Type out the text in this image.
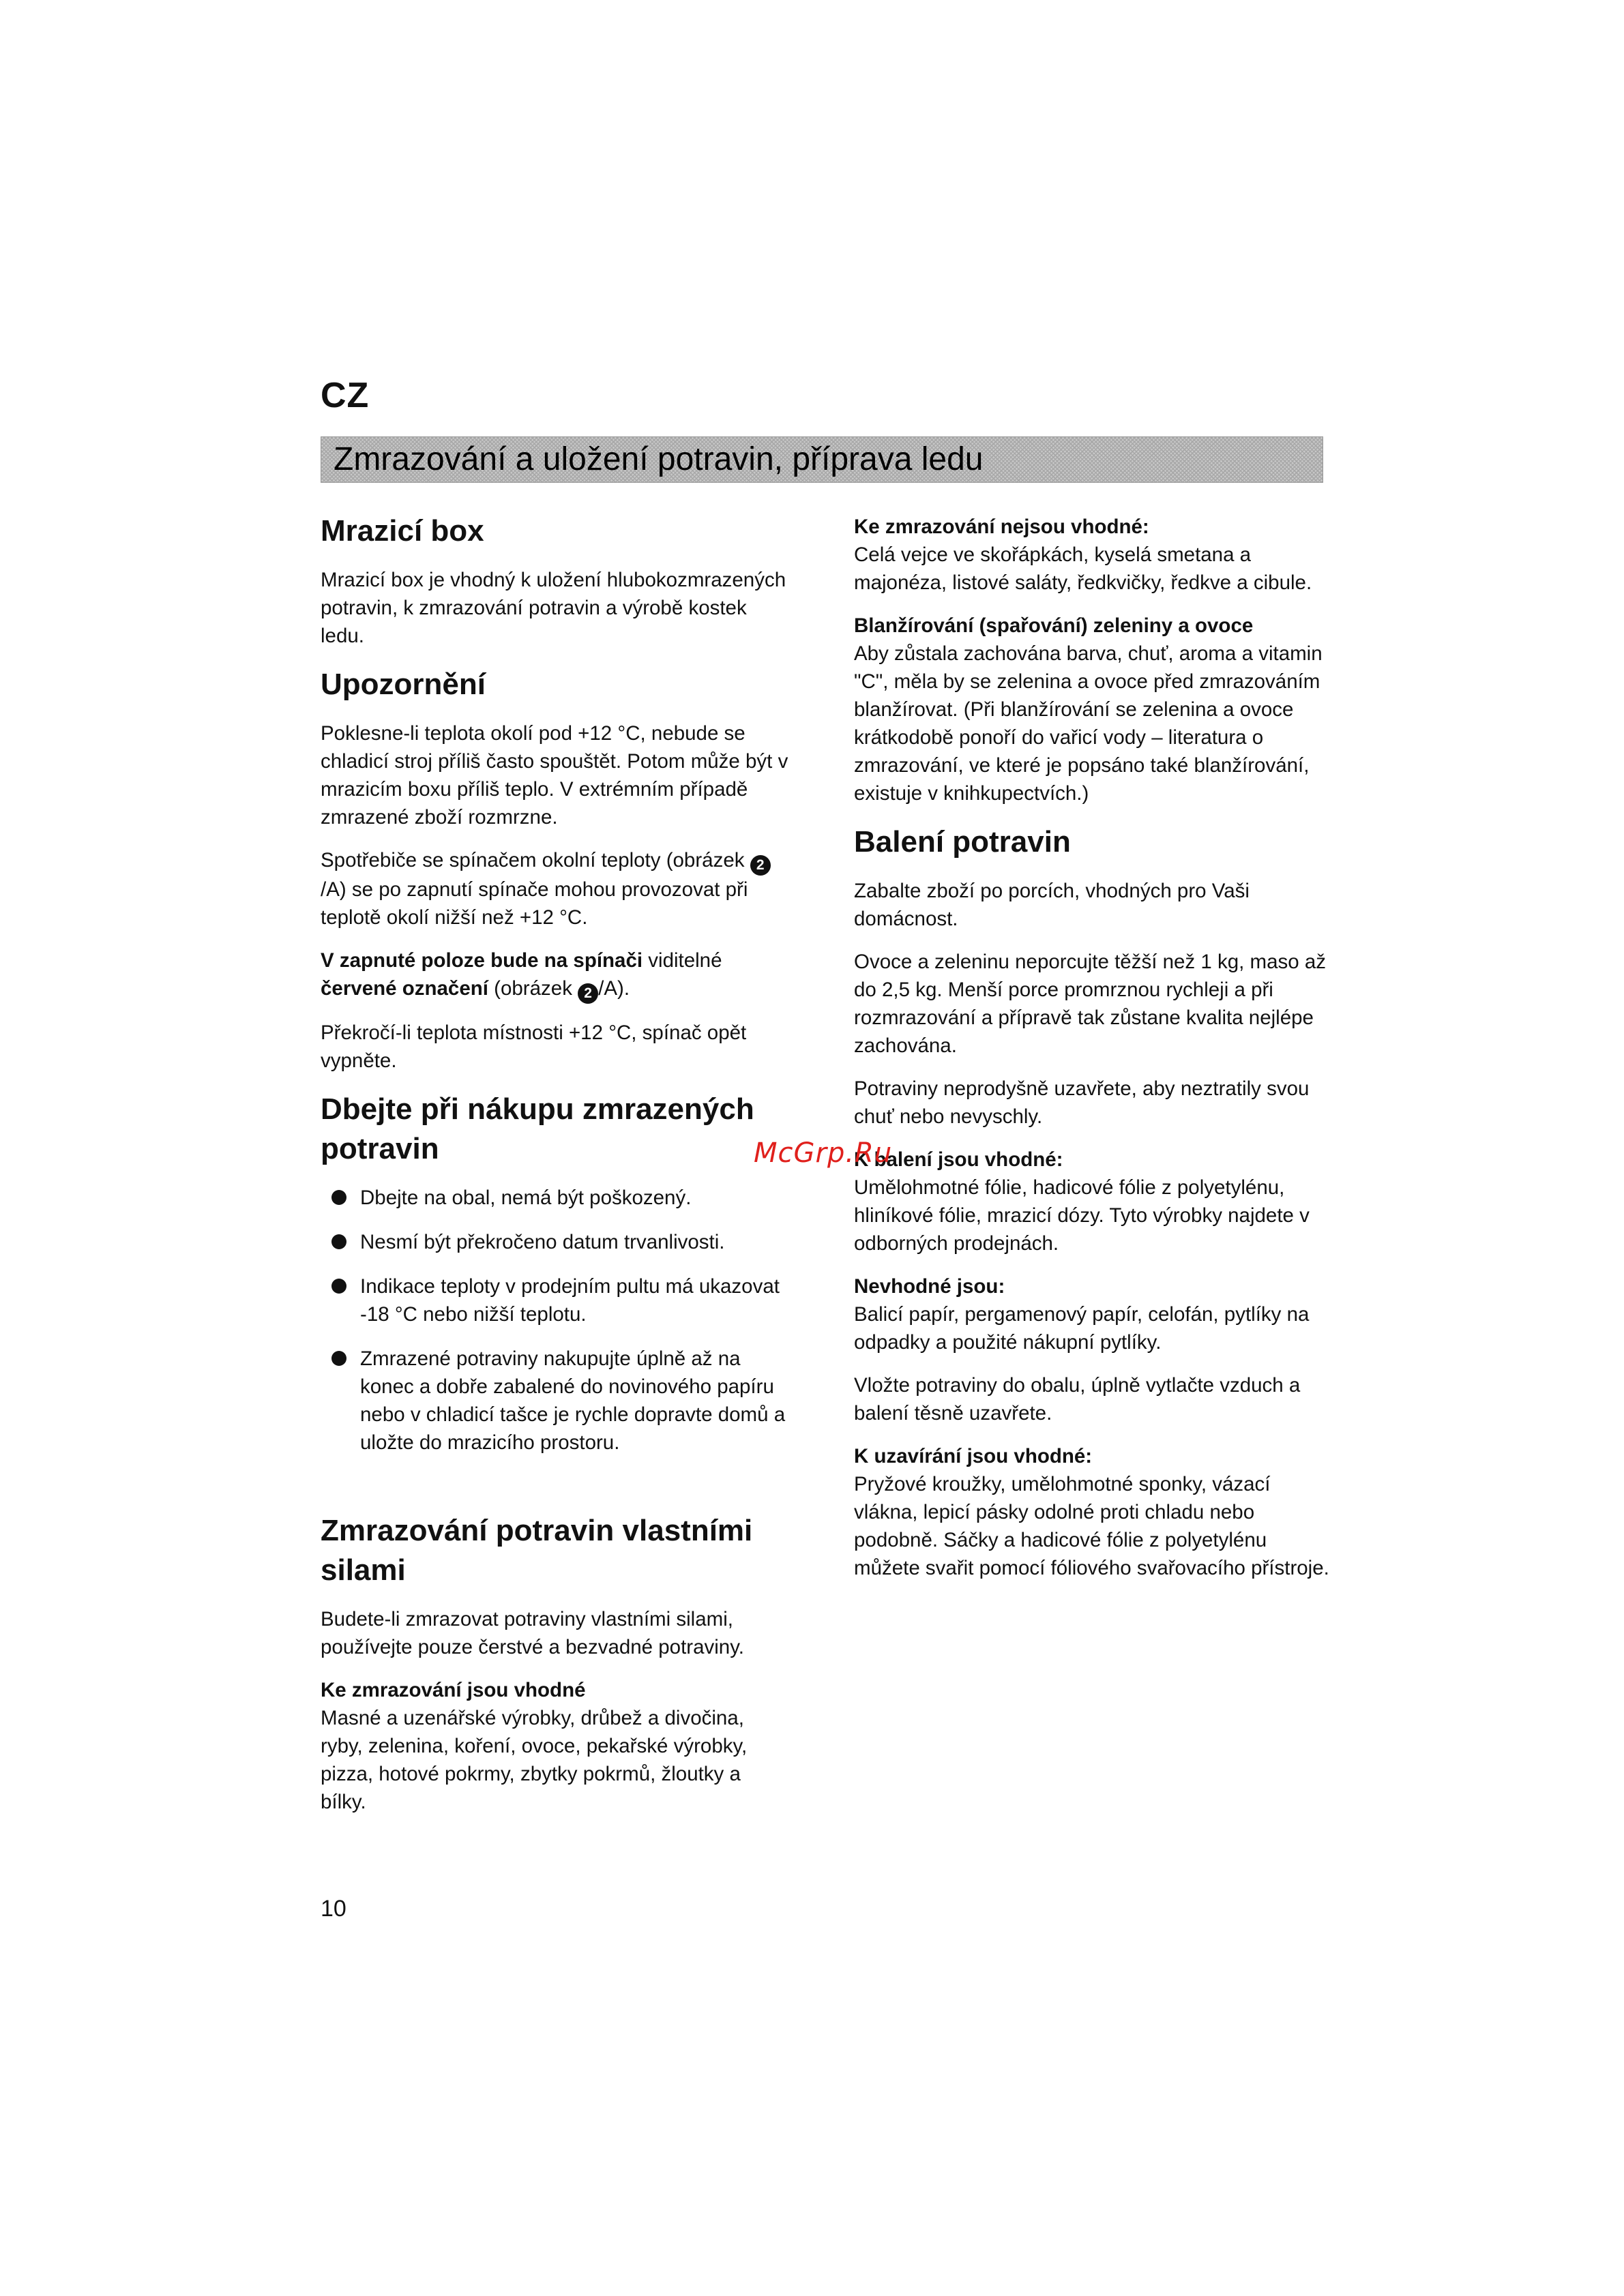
CZ
Zmrazování a uložení potravin, příprava ledu
Mrazicí box

Mrazicí box je vhodný k uložení hlubokozmrazených potravin, k zmrazování potravin a výrobě kostek ledu.

Upozornění

Poklesne-li teplota okolí pod +12 °C, nebude se chladicí stroj příliš často spouštět. Potom může být v mrazicím boxu příliš teplo. V extrémním případě zmrazené zboží rozmrzne.

Spotřebiče se spínačem okolní teploty (obrázek 2/A) se po zapnutí spínače mohou provozovat při teplotě okolí nižší než +12 °C.

V zapnuté poloze bude na spínači viditelné červené označení (obrázek 2 /A).

Překročí-li teplota místnosti +12 °C, spínač opět vypněte.

Dbejte při nákupu zmrazených potravin
Dbejte na obal, nemá být poškozený.
Nesmí být překročeno datum trvanlivosti.
Indikace teploty v prodejním pultu má ukazovat -18 °C nebo nižší teplotu.
Zmrazené potraviny nakupujte úplně až na konec a dobře zabalené do novinového papíru nebo v chladicí tašce je rychle dopravte domů a uložte do mrazicího prostoru.
Zmrazování potravin vlastními silami

Budete-li zmrazovat potraviny vlastními silami, používejte pouze čerstvé a bezvadné potraviny.

Ke zmrazování jsou vhodné
Masné a uzenářské výrobky, drůbež a divočina, ryby, zelenina, koření, ovoce, pekařské výrobky, pizza, hotové pokrmy, zbytky pokrmů, žloutky a bílky.

Ke zmrazování nejsou vhodné:
Celá vejce ve skořápkách, kyselá smetana a majonéza, listové saláty, ředkvičky, ředkve a cibule.

Blanžírování (spařování) zeleniny a ovoce
Aby zůstala zachována barva, chuť, aroma a vitamin "C", měla by se zelenina a ovoce před zmrazováním blanžírovat. (Při blanžírování se zelenina a ovoce krátkodobě ponoří do vařicí vody – literatura o zmrazování, ve které je popsáno také blanžírování, existuje v knihkupectvích.)

Balení potravin

Zabalte zboží po porcích, vhodných pro Vaši domácnost.

Ovoce a zeleninu neporcujte těžší než 1 kg, maso až do 2,5 kg. Menší porce promrznou rychleji a při rozmrazování a přípravě tak zůstane kvalita nejlépe zachována.

Potraviny neprodyšně uzavřete, aby neztratily svou chuť nebo nevyschly.

K balení jsou vhodné:
Umělohmotné fólie, hadicové fólie z polyetylénu, hliníkové fólie, mrazicí dózy. Tyto výrobky najdete v odborných prodejnách.

Nevhodné jsou:
Balicí papír, pergamenový papír, celofán, pytlíky na odpadky a použité nákupní pytlíky.

Vložte potraviny do obalu, úplně vytlačte vzduch a balení těsně uzavřete.

K uzavírání jsou vhodné:
Pryžové kroužky, umělohmotné sponky, vázací vlákna, lepicí pásky odolné proti chladu nebo podobně. Sáčky a hadicové fólie z polyetylénu můžete svařit pomocí fóliového svařovacího přístroje.

McGrp.Ru
10
